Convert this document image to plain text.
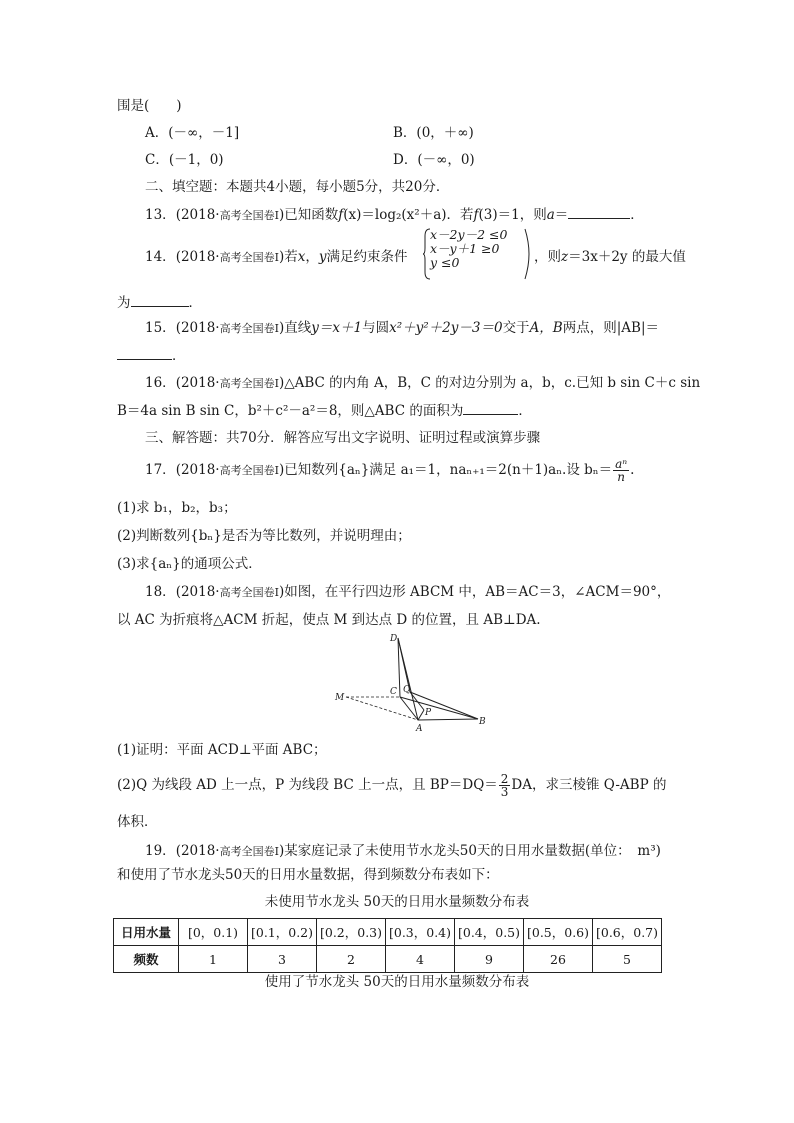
围是(　　)
A．(－∞，－1]	B．(0，＋∞)
C．(－1，0)	D．(－∞，0)
二、填空题：本题共4小题，每小题5分，共20分．
13．(2018·高考全国卷Ⅰ)已知函数f(x)＝log₂(x²＋a)．若f(3)＝1，则a＝	．
14．(2018·高考全国卷Ⅰ)若x，y满足约束条件
x－2y－2 ≤0
x－y＋1 ≥0
y ≤0	，则z＝3x＋2y 的最大值
为	．
15．(2018·高考全国卷Ⅰ)直线y＝x＋1与圆x²＋y²＋2y－3＝0交于A，B两点，则|AB|＝
．
16．(2018·高考全国卷Ⅰ)△ABC 的内角 A，B，C 的对边分别为 a，b，c.已知 b sin C＋c sin
B＝4a sin B sin C，b²＋c²－a²＝8，则△ABC 的面积为	．
三、解答题：共70分．解答应写出文字说明、证明过程或演算步骤
17．(2018·高考全国卷Ⅰ)已知数列{aₙ}满足 a₁＝1，naₙ₊₁＝2(n＋1)aₙ.设 $b_n= \frac{\text{aⁿ}}{n}$ .
(1)求 b₁，b₂，b₃；
(2)判断数列{bₙ}是否为等比数列，并说明理由；
(3)求{aₙ}的通项公式．
18．(2018·高考全国卷Ⅰ)如图，在平行四边形 ABCM 中，AB＝AC＝3，∠ACM＝90°，
以 AC 为折痕将△ACM 折起，使点 M 到达点 D 的位置，且 AB⊥DA.
D
M
C Q
P
A
B
(1)证明：平面 ACD⊥平面 ABC；
(2)Q 为线段 AD 上一点，P 为线段 BC 上一点，且 $BP=DQ= \frac{2}{3}$ DA，求三棱锥 Q-ABP 的
体积．
19．(2018·高考全国卷Ⅰ)某家庭记录了未使用节水龙头50天的日用水量数据(单位：　m³)
和使用了节水龙头50天的日用水量数据，得到频数分布表如下：
未使用节水龙头 50天的日用水量频数分布表
日用水量	[0，0.1)	[0.1，0.2)	[0.2，0.3)	[0.3，0.4)	[0.4，0.5)	[0.5，0.6)	[0.6，0.7)
频数	1	3	2	4	9	26	5
使用了节水龙头 50天的日用水量频数分布表
